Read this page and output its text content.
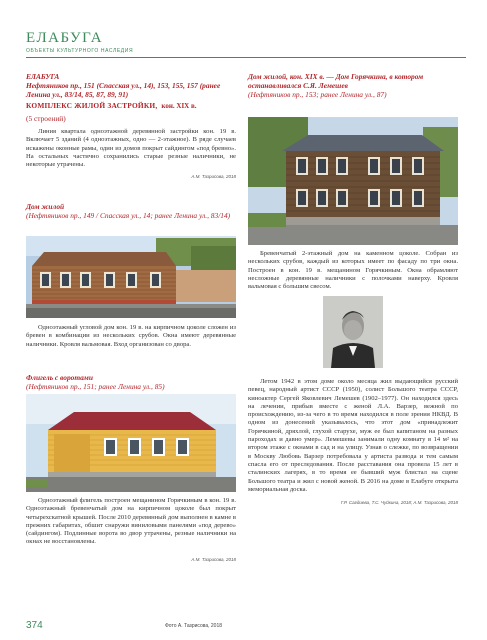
ЕЛАБУГА
ОБЪЕКТЫ КУЛЬТУРНОГО НАСЛЕДИЯ
ЕЛАБУГА
Нефтяников пр., 151 (Спасская ул., 14), 153, 155, 157 (ранее Ленина ул., 83/14, 85, 87, 89, 91)
КОМПЛЕКС ЖИЛОЙ ЗАСТРОЙКИ, кон. XIX в.
(5 строений)

Линия квартала одноэтажной деревянной застройки кон. 19 в. Включает 5 зданий (4 одноэтажных, одно — 2-этажное). В ряде случаев искажены оконные рамы, один из домов покрыт сайдингом «под бревно». На остальных частично сохранились старые резные наличники, не некоторые утрачены.

А.М. Тазрисова, 2018
Дом жилой
(Нефтяников пр., 149 / Спасская ул., 14; ранее Ленина ул., 83/14)

Одноэтажный угловой дом кон. 19 в. на кирпичном цоколе сложен из бревен в комбинации из нескольких срубов. Окна имеют деревянные наличники. Кровля вальмовая. Вход организован со двора.

Флигель с воротами
(Нефтяников пр., 151; ранее Ленина ул., 85)

Одноэтажный флигель построен мещанином Горячкиным в кон. 19 в. Одноэтажный бревенчатый дом на кирпичном цоколе был покрыт четырехскатной крышей. После 2010 деревянный дом выполнен в камне в прежних габаритах, обшит снаружи виниловыми панелями «под дерево» (сайдингом). Подлинные ворота во двор утрачены, резные наличники на окнах не восстановлены.

А.М. Тазрисова, 2018
Дом жилой, кон. XIX в. — Дом Горячкина, в котором останавливался С.Я. Лемешев
(Нефтяников пр., 153; ранее Ленина ул., 87)

Бревенчатый 2-этажный дом на каменном цоколе. Собран из нескольких срубов, каждый из которых имеет по фасаду по три окна. Построен в кон. 19 в. мещанином Горячкиным. Окна обрамляют несложные деревянные наличники с полочками наверху. Кровля вальмовая с большим свесом.

Летом 1942 в этом доме около месяца жил выдающийся русский певец, народный артист СССР (1950), солист Большого театра СССР, киноактер Сергей Яковлевич Лемешев (1902–1977). Он находился здесь на лечении, прибыв вместе с женой Л.А. Варзер, вежной по происхождению, из-за чего в то время находился в поле зрения НКВД. В одном из донесений указывалось, что этот дом «принадлежит Горячкиной, дряхлой, глухой старухе, муж ее был капитаном на разных пароходах и давно умер». Лемешевы занимали одну комнату в 14 м² на втором этаже с окнами в сад и на улицу. Узнав о слежке, по возвращении в Москву Любовь Варзер потребовала у артиста развода и тем самым спасла его от преследования. После расставания она провела 15 лет в сталинских лагерях, в то время ее бывший муж блистал на сцене Большого театра и жил с новой женой. В 2016 на доме в Елабуге открыта мемориальная доска.

Г.Р. Сагдиева, Т.С. Чуйкина, 2018; А.М. Тазрисова, 2018
374	Фото А. Тазрисова, 2018
